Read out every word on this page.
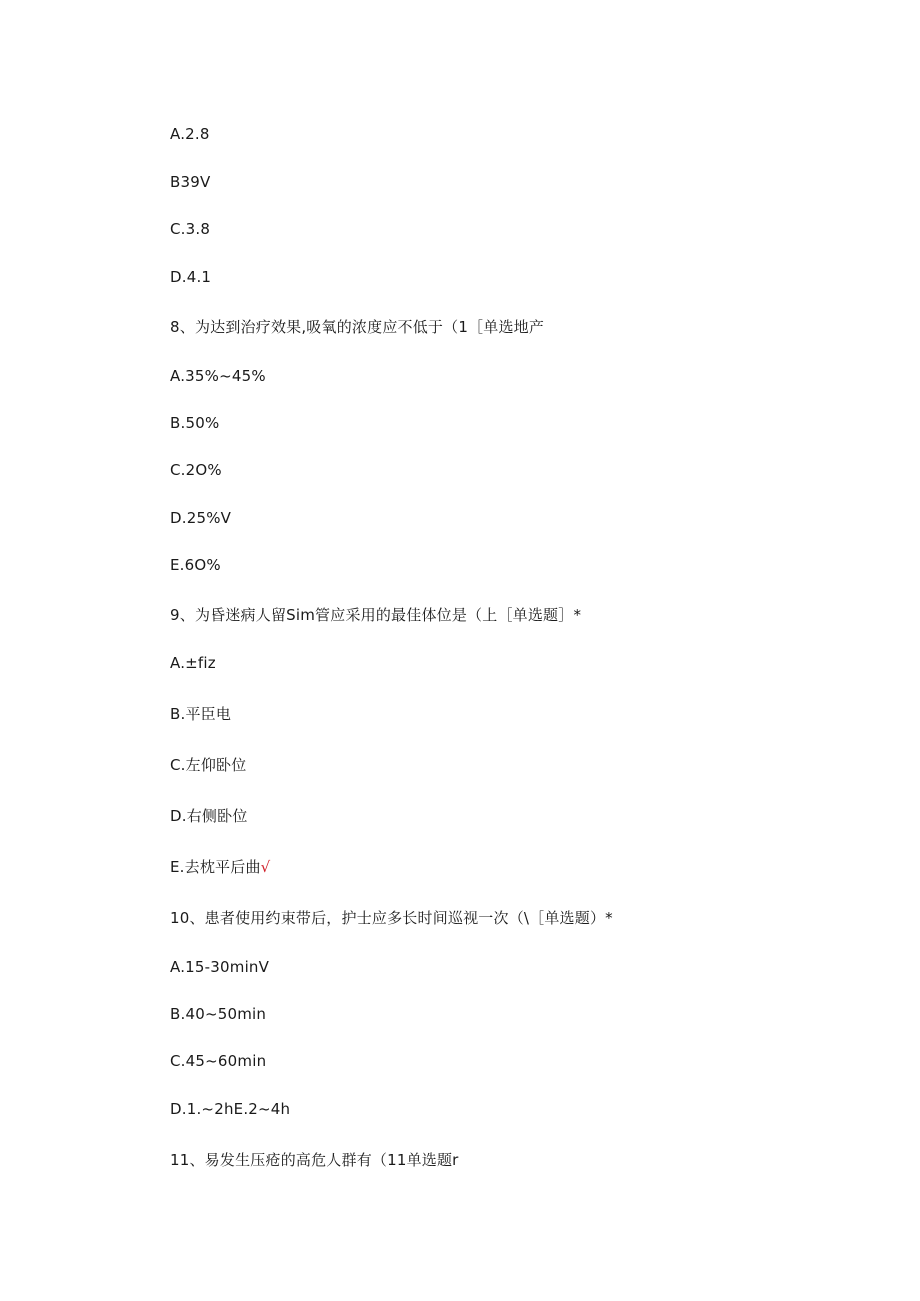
A.2.8
B39V
C.3.8
D.4.1
8、为达到治疗效果,吸氧的浓度应不低于（1［单选地产
A.35%~45%
B.50%
C.2O%
D.25%V
E.6O%
9、为昏迷病人留Sim管应采用的最佳体位是（上［单选题］*
A.±fiz
B.平臣电
C.左仰卧位
D.右侧卧位
E.去枕平后曲√
10、患者使用约束带后，护士应多长时间巡视一次（\［单选题）*
A.15-30minV
B.40~50min
C.45~60min
D.1.~2hE.2~4h
11、易发生压疮的高危人群有（11单选题r
